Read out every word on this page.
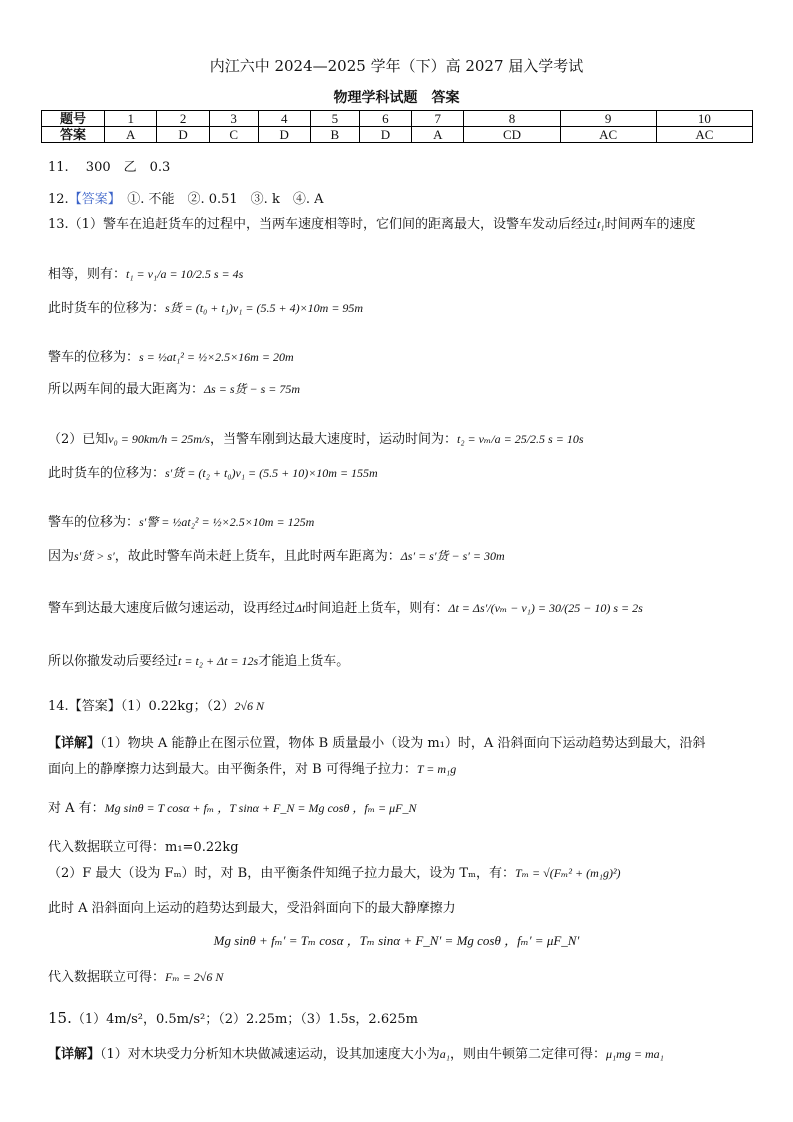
内江六中 2024—2025 学年（下）高 2027 届入学考试
物理学科试题　答案
题号	1	2	3	4	5	6	7	8	9	10
答案	A	D	C	D	B	D	A	CD	AC	AC
11.　 300　乙　0.3
12.【答案】　①. 不能　②. 0.51　③. k　④. A
13.（1）警车在追赶货车的过程中，当两车速度相等时，它们间的距离最大，设警车发动后经过t₁时间两车的速度
相等，则有：t₁ = v₁/a = 10/2.5 s = 4s
此时货车的位移为：s货 = (t₀ + t₁)v₁ = (5.5 + 4)×10m = 95m
警车的位移为：s = ½at₁² = ½×2.5×16m = 20m
所以两车间的最大距离为：Δs = s货 − s = 75m
（2）已知v₀ = 90km/h = 25m/s，当警车刚到达最大速度时，运动时间为：t₂ = vₘ/a = 25/2.5 s = 10s
此时货车的位移为：s′货 = (t₂ + t₀)v₁ = (5.5 + 10)×10m = 155m
警车的位移为：s′警 = ½at₂² = ½×2.5×10m = 125m
因为s′货 > s′，故此时警车尚未赶上货车，且此时两车距离为：Δs′ = s′货 − s′ = 30m
警车到达最大速度后做匀速运动，设再经过Δt时间追赶上货车，则有：Δt = Δs′/(vₘ − v₁) = 30/(25 − 10) s = 2s
所以你撤发动后要经过t = t₂ + Δt = 12s才能追上货车。
14.【答案】（1）0.22kg；（2）2√6 N
【详解】（1）物块 A 能静止在图示位置，物体 B 质量最小（设为 m₁）时，A 沿斜面向下运动趋势达到最大，沿斜
面向上的静摩擦力达到最大。由平衡条件，对 B 可得绳子拉力：T = m₁g
对 A 有：Mg sinθ = T cosα + fₘ ，T sinα + F_N = Mg cosθ ，fₘ = μF_N
代入数据联立可得：m₁=0.22kg
（2）F 最大（设为 Fₘ）时，对 B，由平衡条件知绳子拉力最大，设为 Tₘ，有：Tₘ = √(Fₘ² + (m₁g)²)
此时 A 沿斜面向上运动的趋势达到最大，受沿斜面向下的最大静摩擦力
Mg sinθ + fₘ′ = Tₘ cosα ，Tₘ sinα + F_N′ = Mg cosθ ，fₘ′ = μF_N′
代入数据联立可得：Fₘ = 2√6 N
15.（1）4m/s²，0.5m/s²；（2）2.25m；（3）1.5s，2.625m
【详解】（1）对木块受力分析知木块做减速运动，设其加速度大小为a₁，则由牛顿第二定律可得：μ₁mg = ma₁
